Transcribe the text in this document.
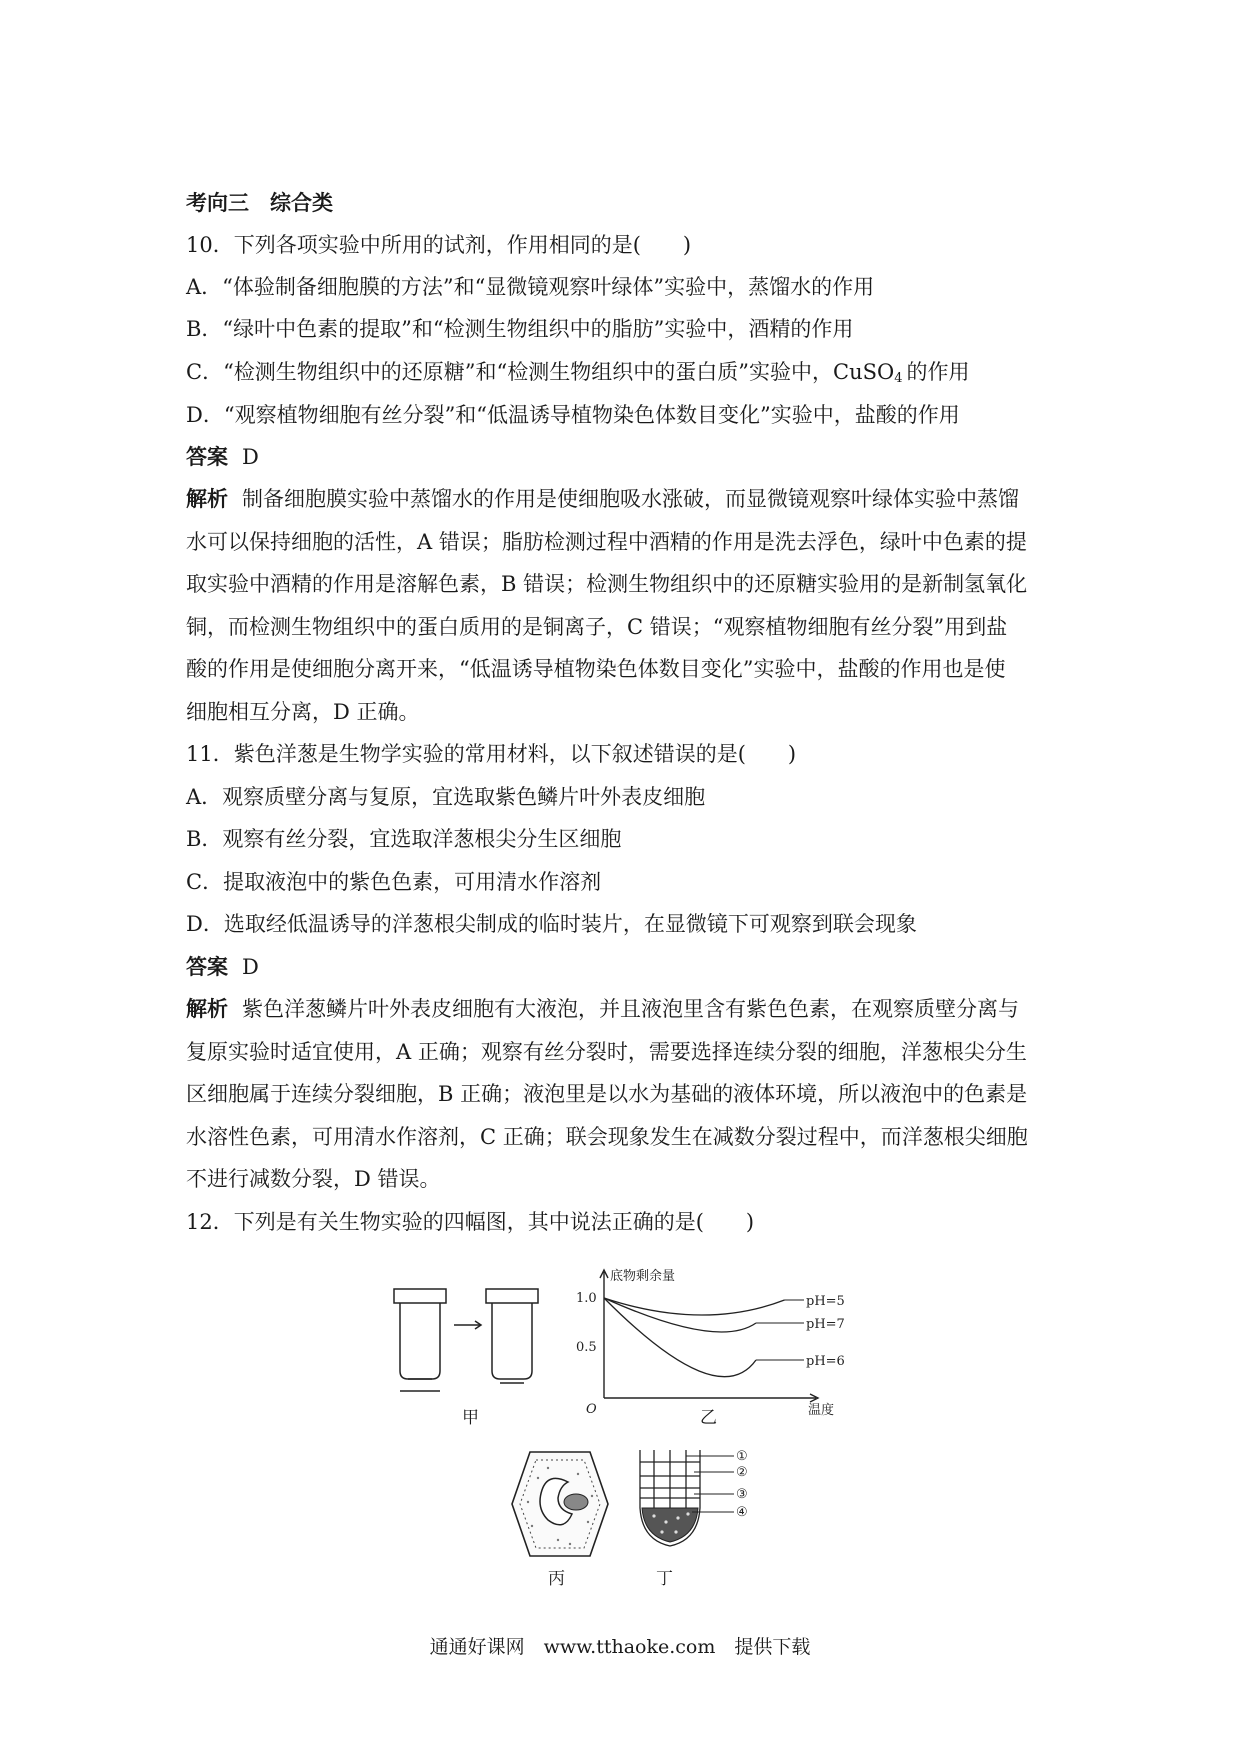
考向三　综合类
10．下列各项实验中所用的试剂，作用相同的是(　　)
A．“体验制备细胞膜的方法”和“显微镜观察叶绿体”实验中，蒸馏水的作用
B．“绿叶中色素的提取”和“检测生物组织中的脂肪”实验中，酒精的作用
C．“检测生物组织中的还原糖”和“检测生物组织中的蛋白质”实验中，CuSO$_4$ 的作用
D．“观察植物细胞有丝分裂”和“低温诱导植物染色体数目变化”实验中，盐酸的作用
答案 D
解析 制备细胞膜实验中蒸馏水的作用是使细胞吸水涨破，而显微镜观察叶绿体实验中蒸馏
水可以保持细胞的活性，A 错误；脂肪检测过程中酒精的作用是洗去浮色，绿叶中色素的提
取实验中酒精的作用是溶解色素，B 错误；检测生物组织中的还原糖实验用的是新制氢氧化
铜，而检测生物组织中的蛋白质用的是铜离子，C 错误；“观察植物细胞有丝分裂”用到盐
酸的作用是使细胞分离开来，“低温诱导植物染色体数目变化”实验中，盐酸的作用也是使
细胞相互分离，D 正确。
11．紫色洋葱是生物学实验的常用材料，以下叙述错误的是(　　)
A．观察质壁分离与复原，宜选取紫色鳞片叶外表皮细胞
B．观察有丝分裂，宜选取洋葱根尖分生区细胞
C．提取液泡中的紫色色素，可用清水作溶剂
D．选取经低温诱导的洋葱根尖制成的临时装片，在显微镜下可观察到联会现象
答案 D
解析 紫色洋葱鳞片叶外表皮细胞有大液泡，并且液泡里含有紫色色素，在观察质壁分离与
复原实验时适宜使用，A 正确；观察有丝分裂时，需要选择连续分裂的细胞，洋葱根尖分生
区细胞属于连续分裂细胞，B 正确；液泡里是以水为基础的液体环境，所以液泡中的色素是
水溶性色素，可用清水作溶剂，C 正确；联会现象发生在减数分裂过程中，而洋葱根尖细胞
不进行减数分裂，D 错误。
12．下列是有关生物实验的四幅图，其中说法正确的是(　　)
甲
底物剩余量
温度
O
1.0
0.5
pH=5
pH=7
pH=6
乙
丙
①
②
③
④
丁
通通好课网　www.tthaoke.com　提供下载
